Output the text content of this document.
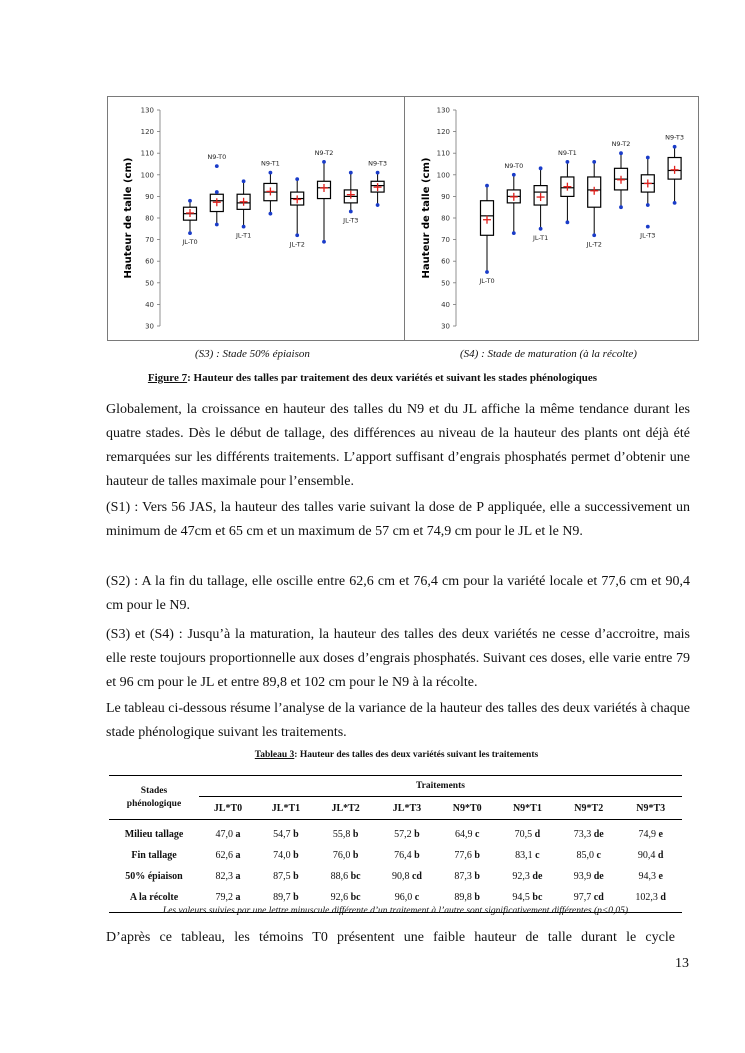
Hauteur de talle (cm)
30
40
50
60
70
80
90
100
110
120
130
JL-T0
N9-T0
JL-T1
N9-T1
JL-T2
N9-T2
JL-T3
N9-T3	Hauteur de talle (cm)
30
40
50
60
70
80
90
100
110
120
130
JL-T0
N9-T0
JL-T1
N9-T1
JL-T2
N9-T2
JL-T3
N9-T3
(S3) : Stade 50% épiaison	(S4) : Stade de maturation (à la récolte)
Figure 7: Hauteur des talles par traitement des deux variétés et suivant les stades phénologiques
Globalement, la croissance en hauteur des talles du N9 et du JL affiche la même tendance durant les quatre stades. Dès le début de tallage, des différences au niveau de la hauteur des plants ont déjà été remarquées sur les différents traitements. L’apport suffisant d’engrais phosphatés permet d’obtenir une hauteur de talles maximale pour l’ensemble.
(S1) : Vers 56 JAS, la hauteur des talles varie suivant la dose de P appliquée, elle a successivement un minimum de 47cm et 65 cm et un maximum de 57 cm et 74,9 cm pour le JL et le N9.
(S2) : A la fin du tallage, elle oscille entre 62,6 cm et 76,4 cm pour la variété locale et 77,6 cm et 90,4 cm pour le N9.
(S3) et (S4) : Jusqu’à la maturation, la hauteur des talles des deux variétés ne cesse d’accroitre, mais elle reste toujours proportionnelle aux doses d’engrais phosphatés. Suivant ces doses, elle varie entre 79 et 96 cm pour le JL et entre 89,8 et 102 cm pour le N9 à la récolte.
Le tableau ci-dessous résume l’analyse de la variance de la hauteur des talles des deux variétés à chaque stade phénologique suivant les traitements.
Tableau 3: Hauteur des talles des deux variétés suivant les traitements
Stades phénologique	Traitements							
	JL*T0	JL*T1	JL*T2	JL*T3	N9*T0	N9*T1	N9*T2	N9*T3
Milieu tallage	47,0 a	54,7 b	55,8 b	57,2 b	64,9 c	70,5 d	73,3 de	74,9 e
Fin tallage	62,6 a	74,0 b	76,0 b	76,4 b	77,6 b	83,1 c	85,0 c	90,4 d
50% épiaison	82,3 a	87,5 b	88,6 bc	90,8 cd	87,3 b	92,3 de	93,9 de	94,3 e
A la récolte	79,2 a	89,7 b	92,6 bc	96,0 c	89,8 b	94,5 bc	97,7 cd	102,3 d
Les valeurs suivies par une lettre minuscule différente d’un traitement à l’autre sont significativement différentes (p<0,05)
D’après ce tableau, les témoins T0 présentent une faible hauteur de talle durant le cycle
13
